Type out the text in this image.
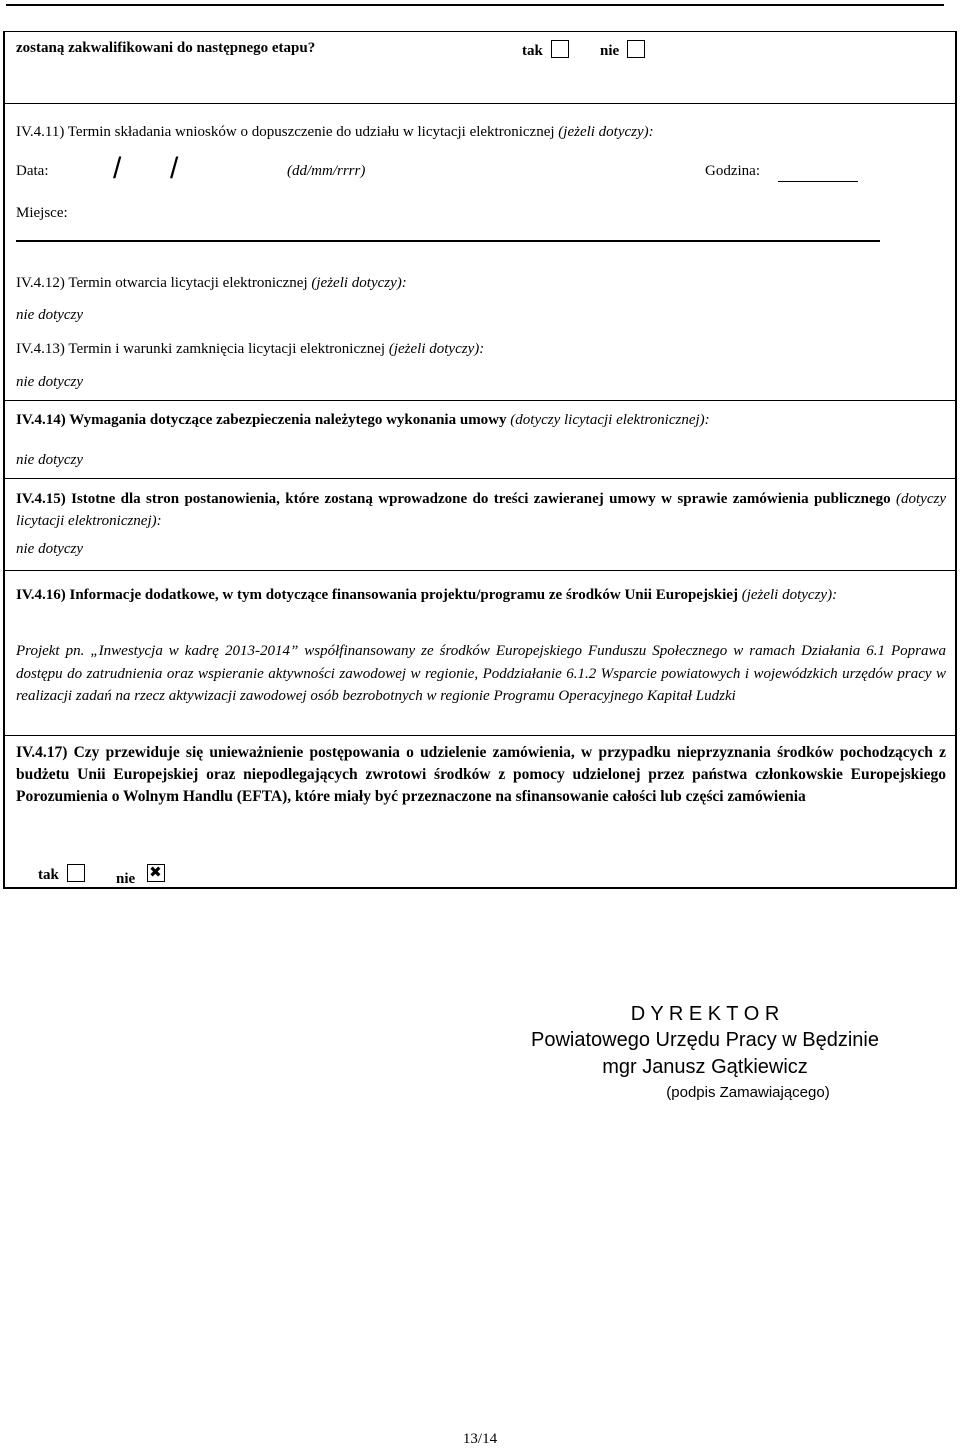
zostaną zakwalifikowani do następnego etapu?	tak	nie
IV.4.11) Termin składania wniosków o dopuszczenie do udziału w licytacji elektronicznej (jeżeli dotyczy):
Data: / /	(dd/mm/rrrr)	Godzina:
Miejsce:
IV.4.12) Termin otwarcia licytacji elektronicznej (jeżeli dotyczy):
nie dotyczy
IV.4.13) Termin i warunki zamknięcia licytacji elektronicznej (jeżeli dotyczy):
nie dotyczy
IV.4.14) Wymagania dotyczące zabezpieczenia należytego wykonania umowy (dotyczy licytacji elektronicznej):
nie dotyczy
IV.4.15) Istotne dla stron postanowienia, które zostaną wprowadzone do treści zawieranej umowy w sprawie zamówienia publicznego (dotyczy licytacji elektronicznej):
nie dotyczy
IV.4.16) Informacje dodatkowe, w tym dotyczące finansowania projektu/programu ze środków Unii Europejskiej (jeżeli dotyczy):
Projekt pn. „Inwestycja w kadrę 2013-2014” współfinansowany ze środków Europejskiego Funduszu Społecznego w ramach Działania 6.1 Poprawa dostępu do zatrudnienia oraz wspieranie aktywności zawodowej w regionie, Poddziałanie 6.1.2 Wsparcie powiatowych i wojewódzkich urzędów pracy w realizacji zadań na rzecz aktywizacji zawodowej osób bezrobotnych w regionie Programu Operacyjnego Kapitał Ludzki
IV.4.17) Czy przewiduje się unieważnienie postępowania o udzielenie zamówienia, w przypadku nieprzyznania środków pochodzących z budżetu Unii Europejskiej oraz niepodlegających zwrotowi środków z pomocy udzielonej przez państwa członkowskie Europejskiego Porozumienia o Wolnym Handlu (EFTA), które miały być przeznaczone na sfinansowanie całości lub części zamówienia
tak	nie✖
D Y R E K T O R
Powiatowego Urzędu Pracy w Będzinie
mgr Janusz Gątkiewicz
(podpis Zamawiającego)
13/14
